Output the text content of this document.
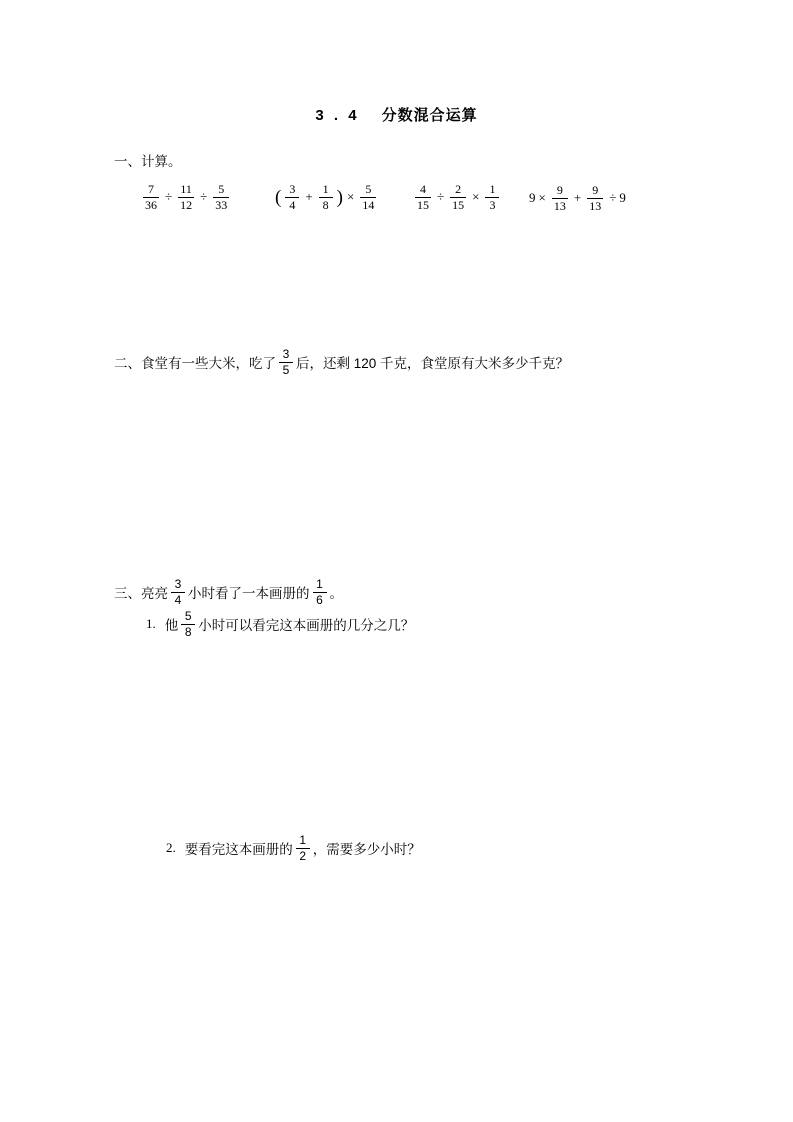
3 . 4 分数混合运算
一、计算。
$\frac{7}{36} \div \frac{11}{12} \div \frac{5}{33}$ ( $\frac{3}{4} + \frac{1}{8}$ ) × $\frac{5}{14}$	$\frac{4}{15} \div \frac{2}{15} \times \frac{1}{3} 9 \times \frac{9}{13} + \frac{9}{13} \div 9$
二、 食堂有一些大米，吃了 $\frac{3}{5}$ 后，还剩 120 千克，食堂原有大米多少千克？
三、 亮亮 $\frac{3}{4}$ 小时看了一本画册的 $\frac{1}{6}$ 。
1. 他 $\frac{5}{8}$ 小时可以看完这本画册的几分之几？
2. 要看完这本画册的 $\frac{1}{2}$ ，需要多少小时？
